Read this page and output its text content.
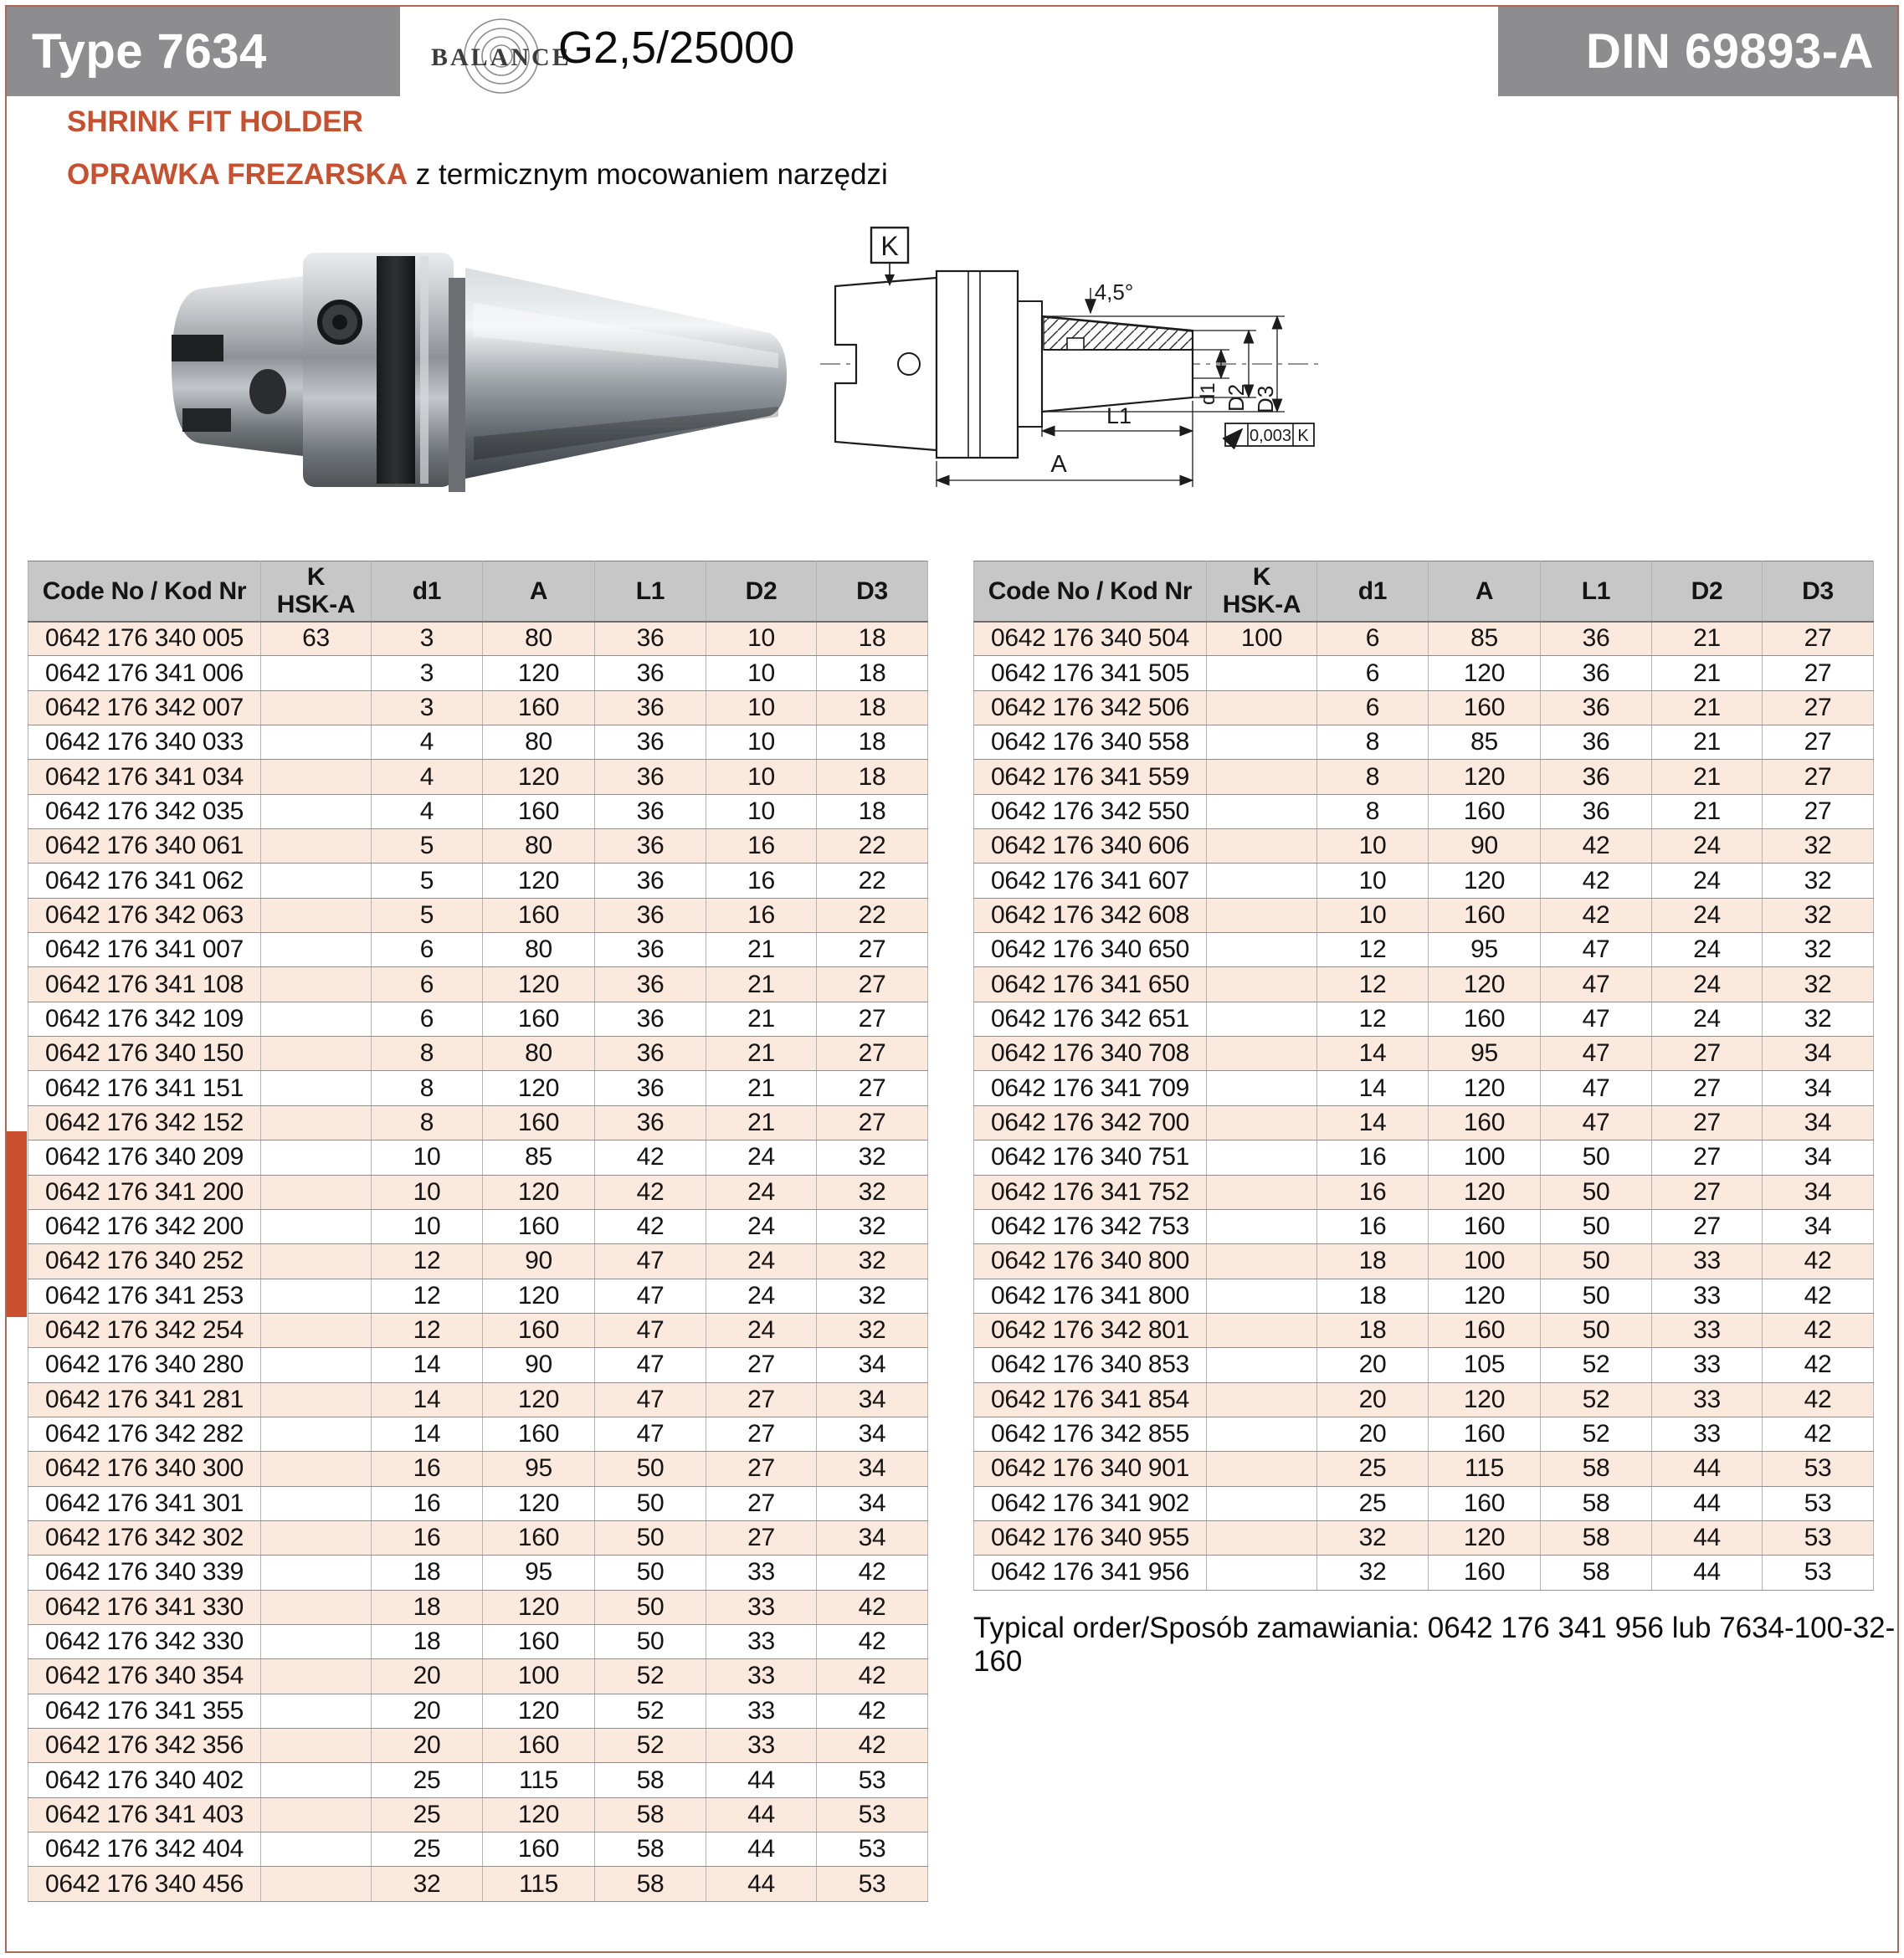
Type 7634	DIN 69893-A
BALANCE
G2,5/25000
SHRINK FIT HOLDER
OPRAWKA FREZARSKA z termicznym mocowaniem narzędzi
K
4,5°
d1 D2 D3
L1
A
0,003 K
Code No / Kod Nr	K
HSK-A	d1	A	L1	D2	D3
0642 176 340 005	63	3	80	36	10	18
0642 176 341 006		3	120	36	10	18
0642 176 342 007		3	160	36	10	18
0642 176 340 033		4	80	36	10	18
0642 176 341 034		4	120	36	10	18
0642 176 342 035		4	160	36	10	18
0642 176 340 061		5	80	36	16	22
0642 176 341 062		5	120	36	16	22
0642 176 342 063		5	160	36	16	22
0642 176 341 007		6	80	36	21	27
0642 176 341 108		6	120	36	21	27
0642 176 342 109		6	160	36	21	27
0642 176 340 150		8	80	36	21	27
0642 176 341 151		8	120	36	21	27
0642 176 342 152		8	160	36	21	27
0642 176 340 209		10	85	42	24	32
0642 176 341 200		10	120	42	24	32
0642 176 342 200		10	160	42	24	32
0642 176 340 252		12	90	47	24	32
0642 176 341 253		12	120	47	24	32
0642 176 342 254		12	160	47	24	32
0642 176 340 280		14	90	47	27	34
0642 176 341 281		14	120	47	27	34
0642 176 342 282		14	160	47	27	34
0642 176 340 300		16	95	50	27	34
0642 176 341 301		16	120	50	27	34
0642 176 342 302		16	160	50	27	34
0642 176 340 339		18	95	50	33	42
0642 176 341 330		18	120	50	33	42
0642 176 342 330		18	160	50	33	42
0642 176 340 354		20	100	52	33	42
0642 176 341 355		20	120	52	33	42
0642 176 342 356		20	160	52	33	42
0642 176 340 402		25	115	58	44	53
0642 176 341 403		25	120	58	44	53
0642 176 342 404		25	160	58	44	53
0642 176 340 456		32	115	58	44	53
Code No / Kod Nr	K
HSK-A	d1	A	L1	D2	D3
0642 176 340 504	100	6	85	36	21	27
0642 176 341 505		6	120	36	21	27
0642 176 342 506		6	160	36	21	27
0642 176 340 558		8	85	36	21	27
0642 176 341 559		8	120	36	21	27
0642 176 342 550		8	160	36	21	27
0642 176 340 606		10	90	42	24	32
0642 176 341 607		10	120	42	24	32
0642 176 342 608		10	160	42	24	32
0642 176 340 650		12	95	47	24	32
0642 176 341 650		12	120	47	24	32
0642 176 342 651		12	160	47	24	32
0642 176 340 708		14	95	47	27	34
0642 176 341 709		14	120	47	27	34
0642 176 342 700		14	160	47	27	34
0642 176 340 751		16	100	50	27	34
0642 176 341 752		16	120	50	27	34
0642 176 342 753		16	160	50	27	34
0642 176 340 800		18	100	50	33	42
0642 176 341 800		18	120	50	33	42
0642 176 342 801		18	160	50	33	42
0642 176 340 853		20	105	52	33	42
0642 176 341 854		20	120	52	33	42
0642 176 342 855		20	160	52	33	42
0642 176 340 901		25	115	58	44	53
0642 176 341 902		25	160	58	44	53
0642 176 340 955		32	120	58	44	53
0642 176 341 956		32	160	58	44	53
Typical order/Sposób zamawiania: 0642 176 341 956 lub 7634-100-32-160
